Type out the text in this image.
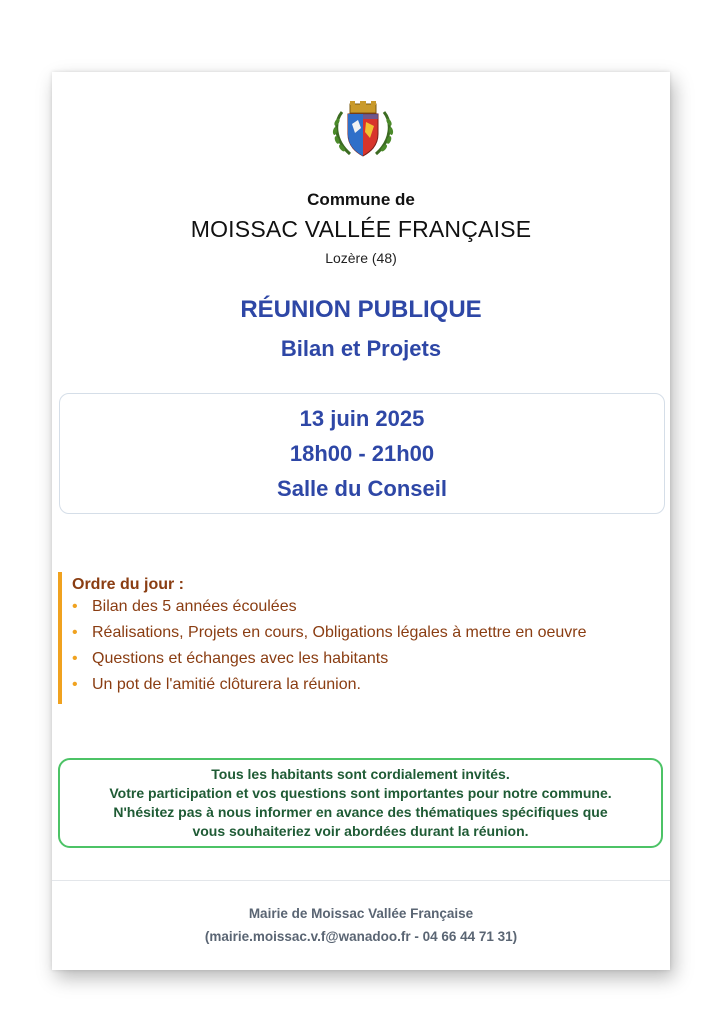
Commune de
MOISSAC VALLÉE FRANÇAISE
Lozère (48)
RÉUNION PUBLIQUE
Bilan et Projets
13 juin 2025
18h00 - 21h00
Salle du Conseil
Ordre du jour :
• Bilan des 5 années écoulées
• Réalisations, Projets en cours, Obligations légales à mettre en oeuvre
• Questions et échanges avec les habitants
• Un pot de l'amitié clôturera la réunion.
Tous les habitants sont cordialement invités.
Votre participation et vos questions sont importantes pour notre commune.
N'hésitez pas à nous informer en avance des thématiques spécifiques que
vous souhaiteriez voir abordées durant la réunion.
Mairie de Moissac Vallée Française
(mairie.moissac.v.f@wanadoo.fr - 04 66 44 71 31)
